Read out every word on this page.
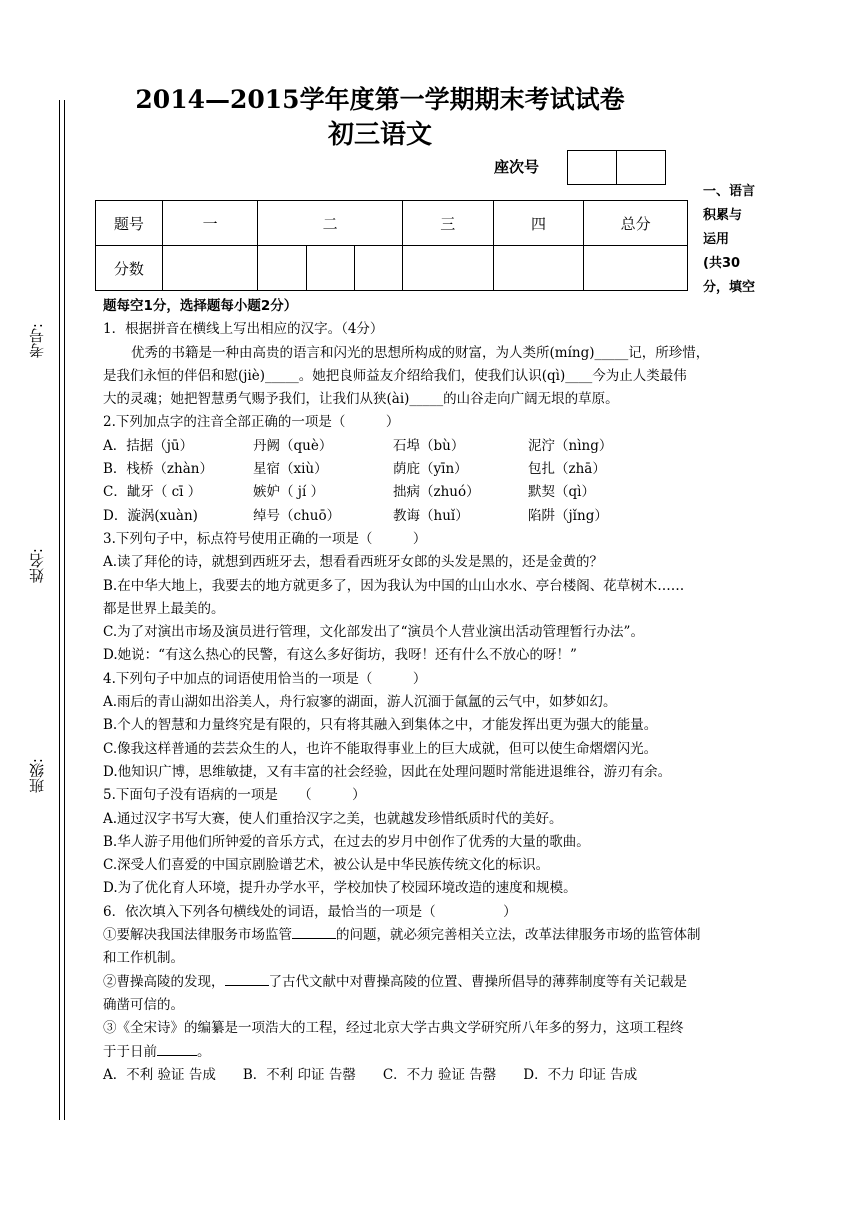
考号:
姓名:
班级:
2014—2015学年度第一学期期末考试试卷
初三语文
座次号
题号	一	二			三	四	总分
分数							
一、语言
积累与
运用
(共30
分，填空

题每空1分，选择题每小题2分）

1．根据拼音在横线上写出相应的汉字。（4分）

优秀的书籍是一种由高贵的语言和闪光的思想所构成的财富，为人类所(míng)_____记，所珍惜，

是我们永恒的伴侣和慰(jiè)_____。她把良师益友介绍给我们，使我们认识(qì)____今为止人类最伟

大的灵魂；她把智慧勇气赐予我们，让我们从狭(ài)_____的山谷走向广阔无垠的草原。

2.下列加点字的注音全部正确的一项是（　　　）

A．拮据（jū）	丹阙（què）	石埠（bù）	泥泞（nìng）
B．栈桥（zhàn）	星宿（xiù）	荫庇（yīn）	包扎（zhā）
C．龇牙（ cī ）	嫉妒（ jí ）	拙病（zhuó）	默契（qì）
D．漩涡(xuàn)	绰号（chuō）	教诲（huǐ）	陷阱（jǐng）

3.下列句子中，标点符号使用正确的一项是（　　　）

A.读了拜伦的诗，就想到西班牙去，想看看西班牙女郎的头发是黑的，还是金黄的？

B.在中华大地上，我要去的地方就更多了，因为我认为中国的山山水水、亭台楼阁、花草树木……

都是世界上最美的。

C.为了对演出市场及演员进行管理，文化部发出了“演员个人营业演出活动管理暂行办法”。

D.她说：“有这么热心的民警，有这么多好街坊，我呀！还有什么不放心的呀！”

4.下列句子中加点的词语使用恰当的一项是（　　　）

A.雨后的青山湖如出浴美人，舟行寂寥的湖面，游人沉湎于氤氲的云气中，如梦如幻。

B.个人的智慧和力量终究是有限的，只有将其融入到集体之中，才能发挥出更为强大的能量。

C.像我这样普通的芸芸众生的人，也许不能取得事业上的巨大成就，但可以使生命熠熠闪光。

D.他知识广博，思维敏捷，又有丰富的社会经验，因此在处理问题时常能进退维谷，游刃有余。

5.下面句子没有语病的一项是　　（　　　）

A.通过汉字书写大赛，使人们重拾汉字之美，也就越发珍惜纸质时代的美好。

B.华人游子用他们所钟爱的音乐方式，在过去的岁月中创作了优秀的大量的歌曲。

C.深受人们喜爱的中国京剧脸谱艺术，被公认是中华民族传统文化的标识。

D.为了优化育人环境，提升办学水平，学校加快了校园环境改造的速度和规模。

6．依次填入下列各句横线处的词语，最恰当的一项是（　　　　　）

①要解决我国法律服务市场监管	的问题，就必须完善相关立法，改革法律服务市场的监管体制

和工作机制。

②曹操高陵的发现，	了古代文献中对曹操高陵的位置、曹操所倡导的薄葬制度等有关记载是

确凿可信的。

③《全宋诗》的编纂是一项浩大的工程，经过北京大学古典文学研究所八年多的努力，这项工程终

于于日前	。

A．不利 验证 告成　　B．不利 印证 告罄　　C．不力 验证 告罄　　D．不力 印证 告成
